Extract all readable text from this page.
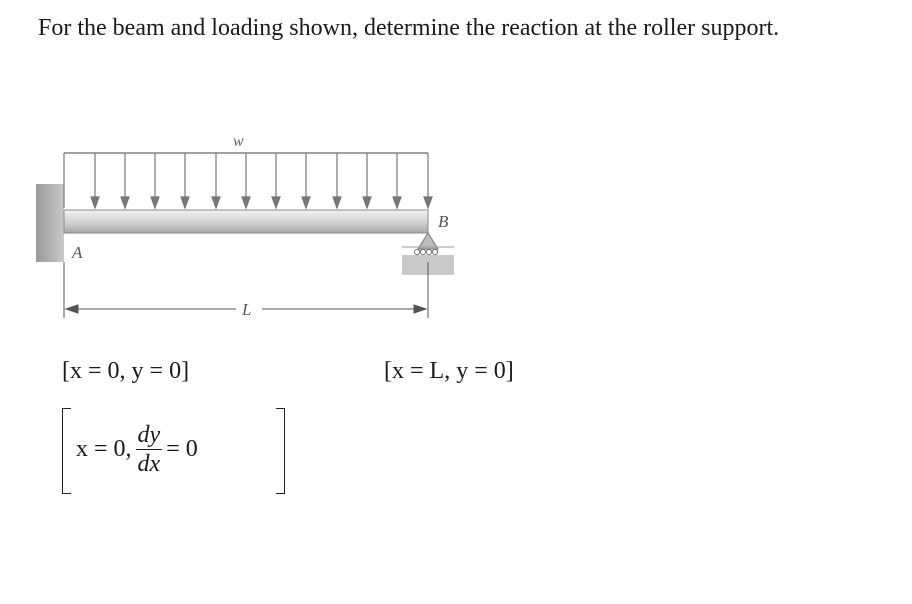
For the beam and loading shown, determine the reaction at the roller support.

w
A
B
L
[x = 0, y = 0]	[x = L, y = 0]
x = 0, $\frac{dy}{dx} = 0$
